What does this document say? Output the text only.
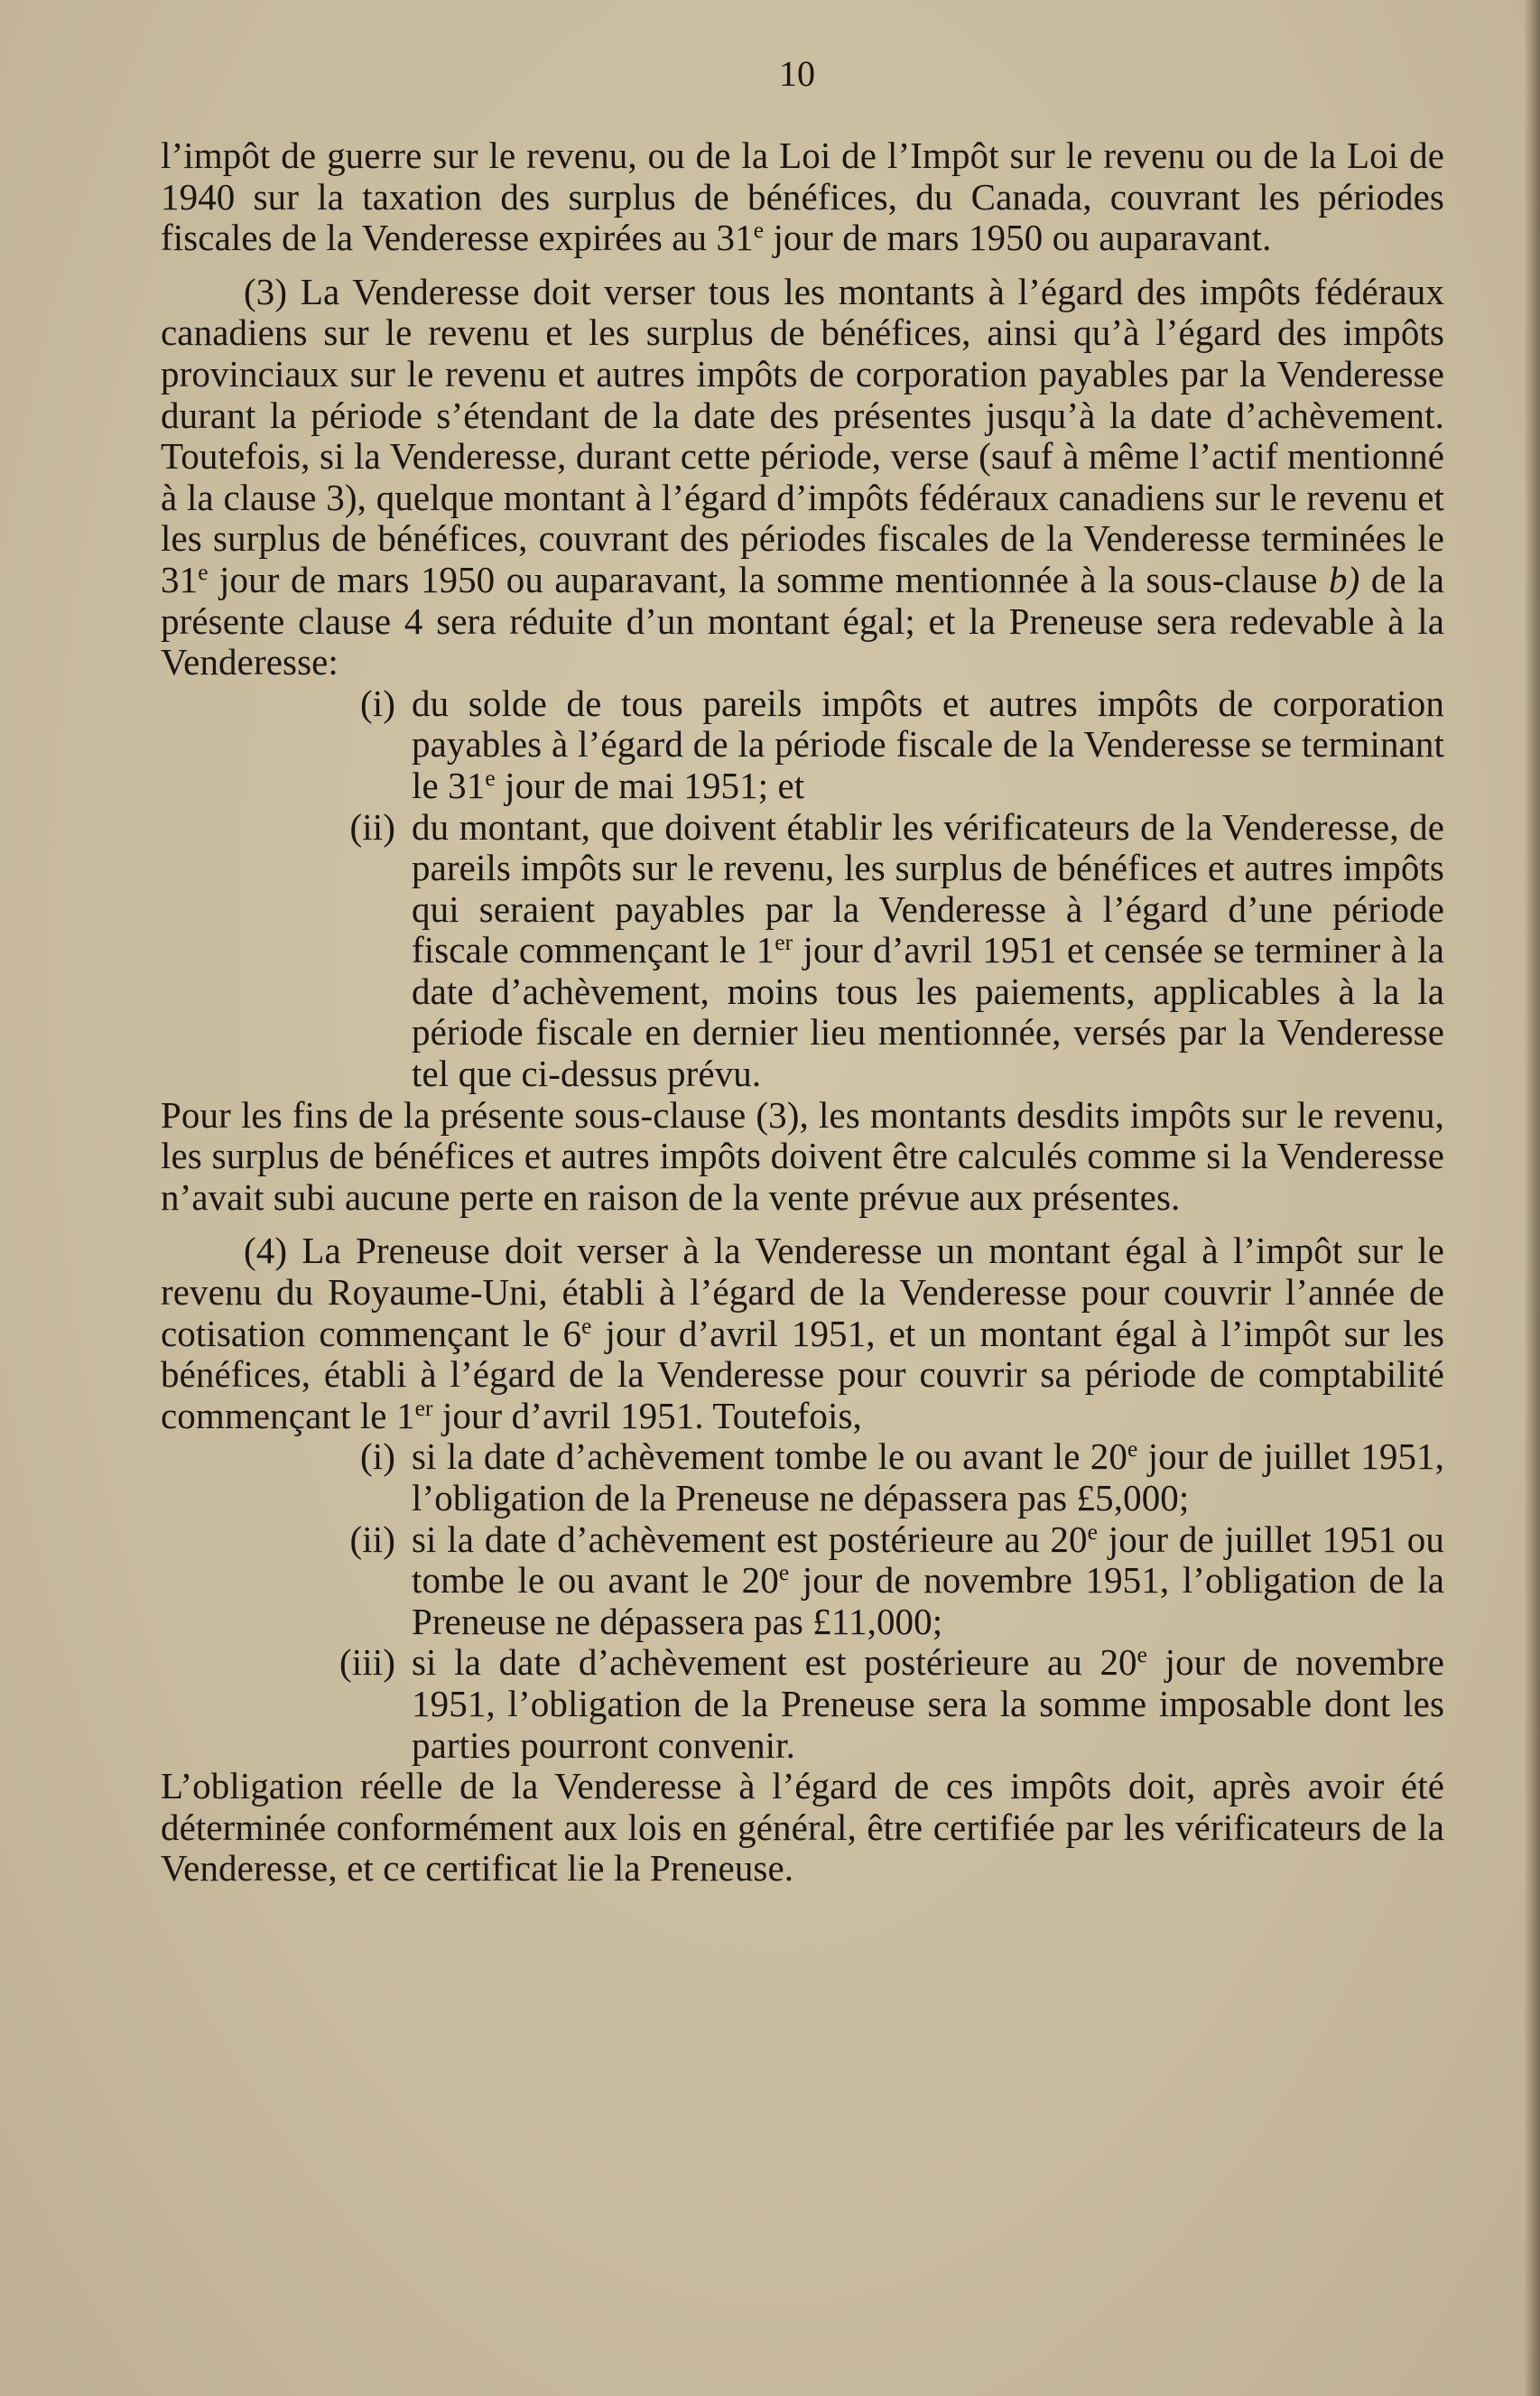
10

l’impôt de guerre sur le revenu, ou de la Loi de l’Impôt sur le revenu ou de la Loi de 1940 sur la taxation des surplus de bénéfices, du Canada, couvrant les périodes fiscales de la Venderesse expirées au 31e jour de mars 1950 ou auparavant.

(3) La Venderesse doit verser tous les montants à l’égard des impôts fédéraux canadiens sur le revenu et les surplus de bénéfices, ainsi qu’à l’égard des impôts provinciaux sur le revenu et autres impôts de corporation payables par la Venderesse durant la période s’étendant de la date des présentes jusqu’à la date d’achèvement. Toutefois, si la Venderesse, durant cette période, verse (sauf à même l’actif mentionné à la clause 3), quelque montant à l’égard d’impôts fédéraux canadiens sur le revenu et les surplus de bénéfices, couvrant des périodes fiscales de la Venderesse terminées le 31e jour de mars 1950 ou auparavant, la somme mentionnée à la sous-clause b) de la présente clause 4 sera réduite d’un montant égal; et la Preneuse sera redevable à la Venderesse:

(i) du solde de tous pareils impôts et autres impôts de corporation payables à l’égard de la période fiscale de la Venderesse se terminant le 31e jour de mai 1951; et
(ii) du montant, que doivent établir les vérificateurs de la Venderesse, de pareils impôts sur le revenu, les surplus de bénéfices et autres impôts qui seraient payables par la Venderesse à l’égard d’une période fiscale commençant le 1er jour d’avril 1951 et censée se terminer à la date d’achèvement, moins tous les paiements, applicables à la la période fiscale en dernier lieu mentionnée, versés par la Venderesse tel que ci-dessus prévu.

Pour les fins de la présente sous-clause (3), les montants desdits impôts sur le revenu, les surplus de bénéfices et autres impôts doivent être calculés comme si la Venderesse n’avait subi aucune perte en raison de la vente prévue aux présentes.

(4) La Preneuse doit verser à la Venderesse un montant égal à l’impôt sur le revenu du Royaume-Uni, établi à l’égard de la Venderesse pour couvrir l’année de cotisation commençant le 6e jour d’avril 1951, et un montant égal à l’impôt sur les bénéfices, établi à l’égard de la Venderesse pour couvrir sa période de comptabilité commençant le 1er jour d’avril 1951. Toutefois,

(i) si la date d’achèvement tombe le ou avant le 20e jour de juillet 1951, l’obligation de la Preneuse ne dépassera pas £5,000;
(ii) si la date d’achèvement est postérieure au 20e jour de juillet 1951 ou tombe le ou avant le 20e jour de novembre 1951, l’obligation de la Preneuse ne dépassera pas £11,000;
(iii) si la date d’achèvement est postérieure au 20e jour de novembre 1951, l’obligation de la Preneuse sera la somme imposable dont les parties pourront convenir.

L’obligation réelle de la Venderesse à l’égard de ces impôts doit, après avoir été déterminée conformément aux lois en général, être certifiée par les vérificateurs de la Venderesse, et ce certificat lie la Preneuse.
